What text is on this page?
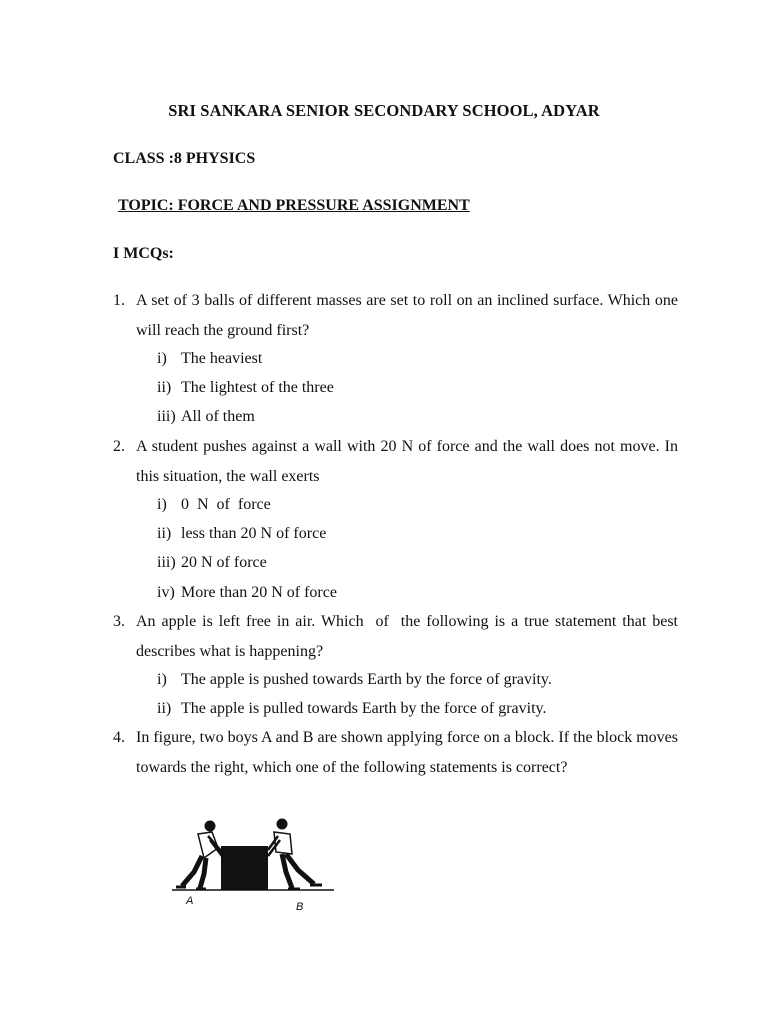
SRI SANKARA SENIOR SECONDARY SCHOOL, ADYAR
CLASS :8 PHYSICS
TOPIC: FORCE AND PRESSURE ASSIGNMENT
I MCQs:
1. A set of 3 balls of different masses are set to roll on an inclined surface. Which one will reach the ground first?
i) The heaviest
ii) The lightest of the three
iii) All of them
2. A student pushes against a wall with 20 N of force and the wall does not move. In this situation, the wall exerts
i) 0  N  of  force
ii) less than 20 N of force
iii) 20 N of force
iv) More than 20 N of force
3. An apple is left free in air. Which  of  the following is a true statement that best describes what is happening?
i) The apple is pushed towards Earth by the force of gravity.
ii) The apple is pulled towards Earth by the force of gravity.
4. In figure, two boys A and B are shown applying force on a block. If the block moves towards the right, which one of the following statements is correct?
A	B
